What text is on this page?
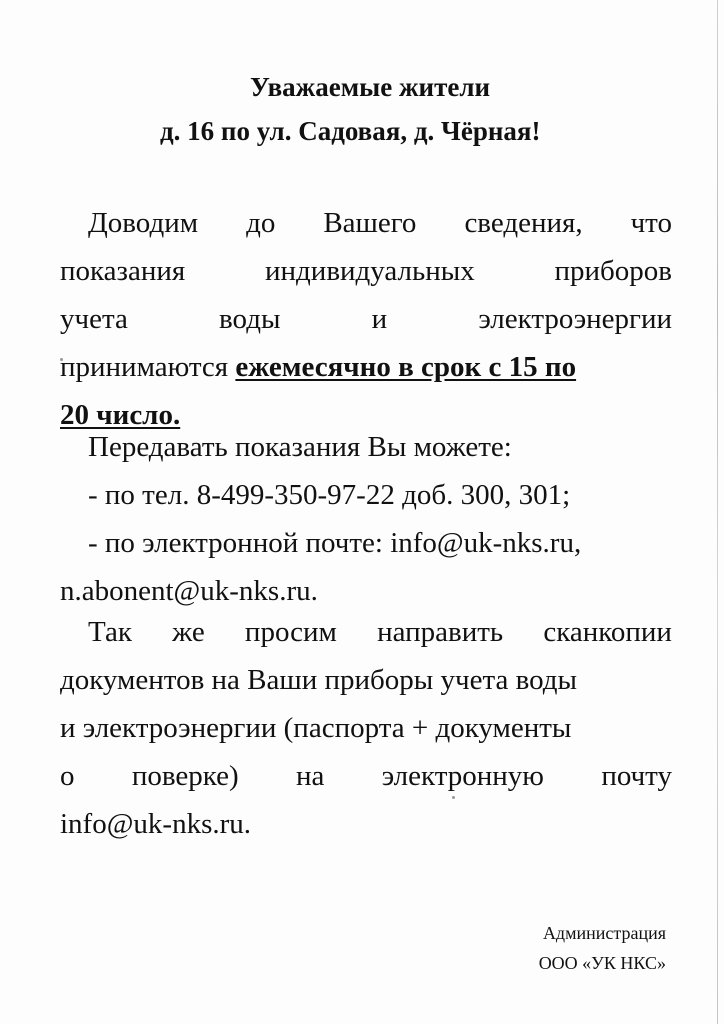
Уважаемые жители
д. 16 по ул. Садовая, д. Чёрная!
Доводим до Вашего сведения, что
показания	индивидуальных	приборов
учета	воды	и	электроэнергии
принимаются ежемесячно в срок с 15 по
20 число.
Передавать показания Вы можете:
- по тел. 8-499-350-97-22 доб. 300, 301;
- по электронной почте: info@uk-nks.ru,
n.abonent@uk-nks.ru.
Так же просим направить сканкопии
документов на Ваши приборы учета воды
и электроэнергии (паспорта + документы
о поверке) на электронную почту
info@uk-nks.ru.
Администрация
ООО «УК НКС»
